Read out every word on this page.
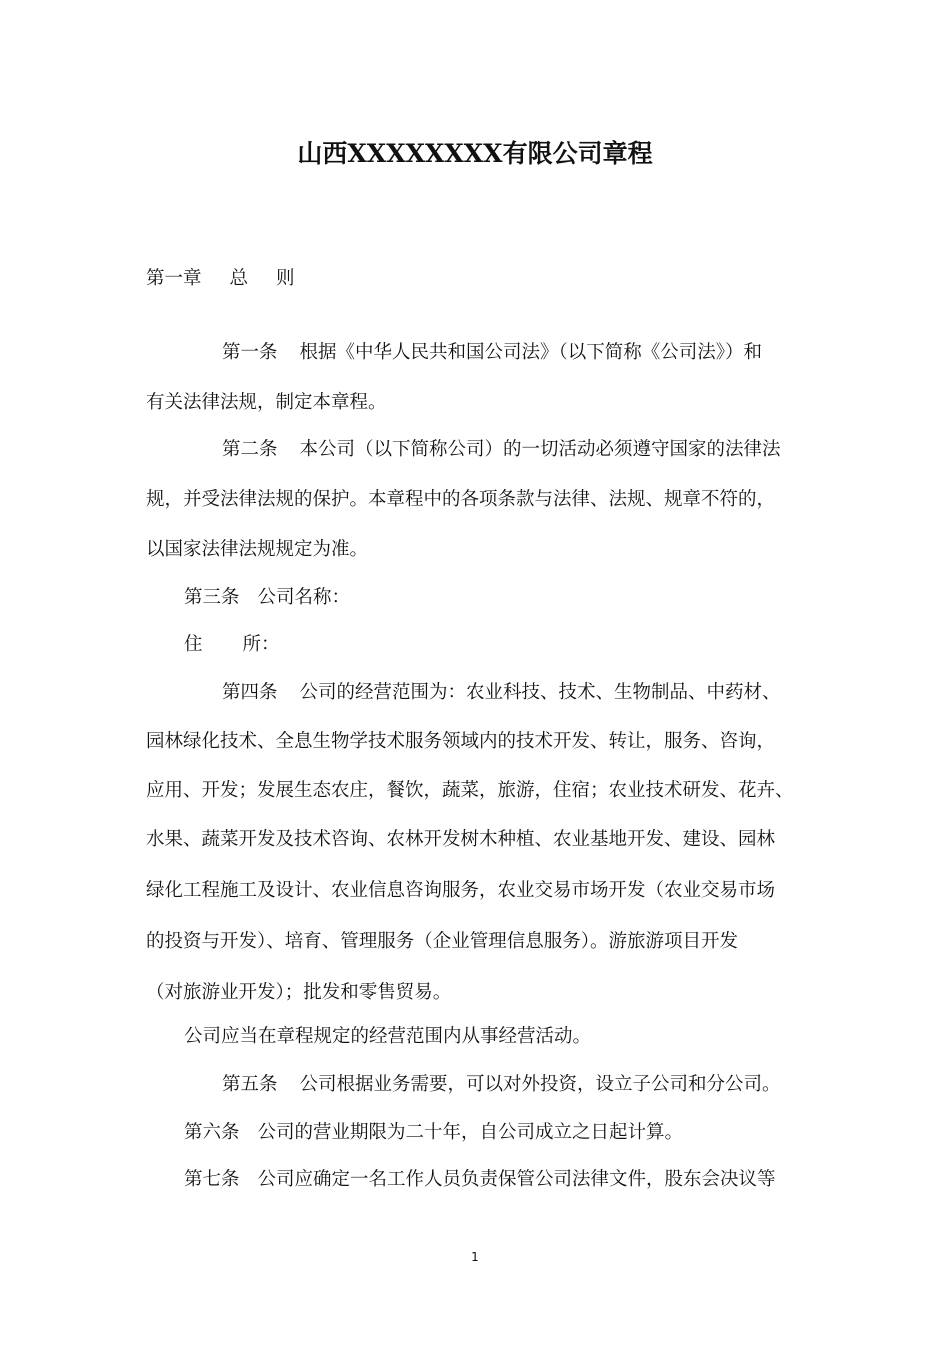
山西XXXXXXXX有限公司章程
第一章 总 则
第一条 根据《中华人民共和国公司法》（以下简称《公司法》）和
有关法律法规，制定本章程。
第二条 本公司（以下简称公司）的一切活动必须遵守国家的法律法
规，并受法律法规的保护。本章程中的各项条款与法律、法规、规章不符的，
以国家法律法规规定为准。
第三条 公司名称：
住 所：
第四条 公司的经营范围为：农业科技、技术、生物制品、中药材、
园林绿化技术、全息生物学技术服务领域内的技术开发、转让，服务、咨询，
应用、开发；发展生态农庄，餐饮，蔬菜，旅游，住宿；农业技术研发、花卉、
水果、蔬菜开发及技术咨询、农林开发树木种植、农业基地开发、建设、园林
绿化工程施工及设计、农业信息咨询服务，农业交易市场开发（农业交易市场
的投资与开发）、培育、管理服务（企业管理信息服务）。游旅游项目开发
（对旅游业开发）；批发和零售贸易。
公司应当在章程规定的经营范围内从事经营活动。
第五条 公司根据业务需要，可以对外投资，设立子公司和分公司。
第六条 公司的营业期限为二十年，自公司成立之日起计算。
第七条 公司应确定一名工作人员负责保管公司法律文件，股东会决议等
1
